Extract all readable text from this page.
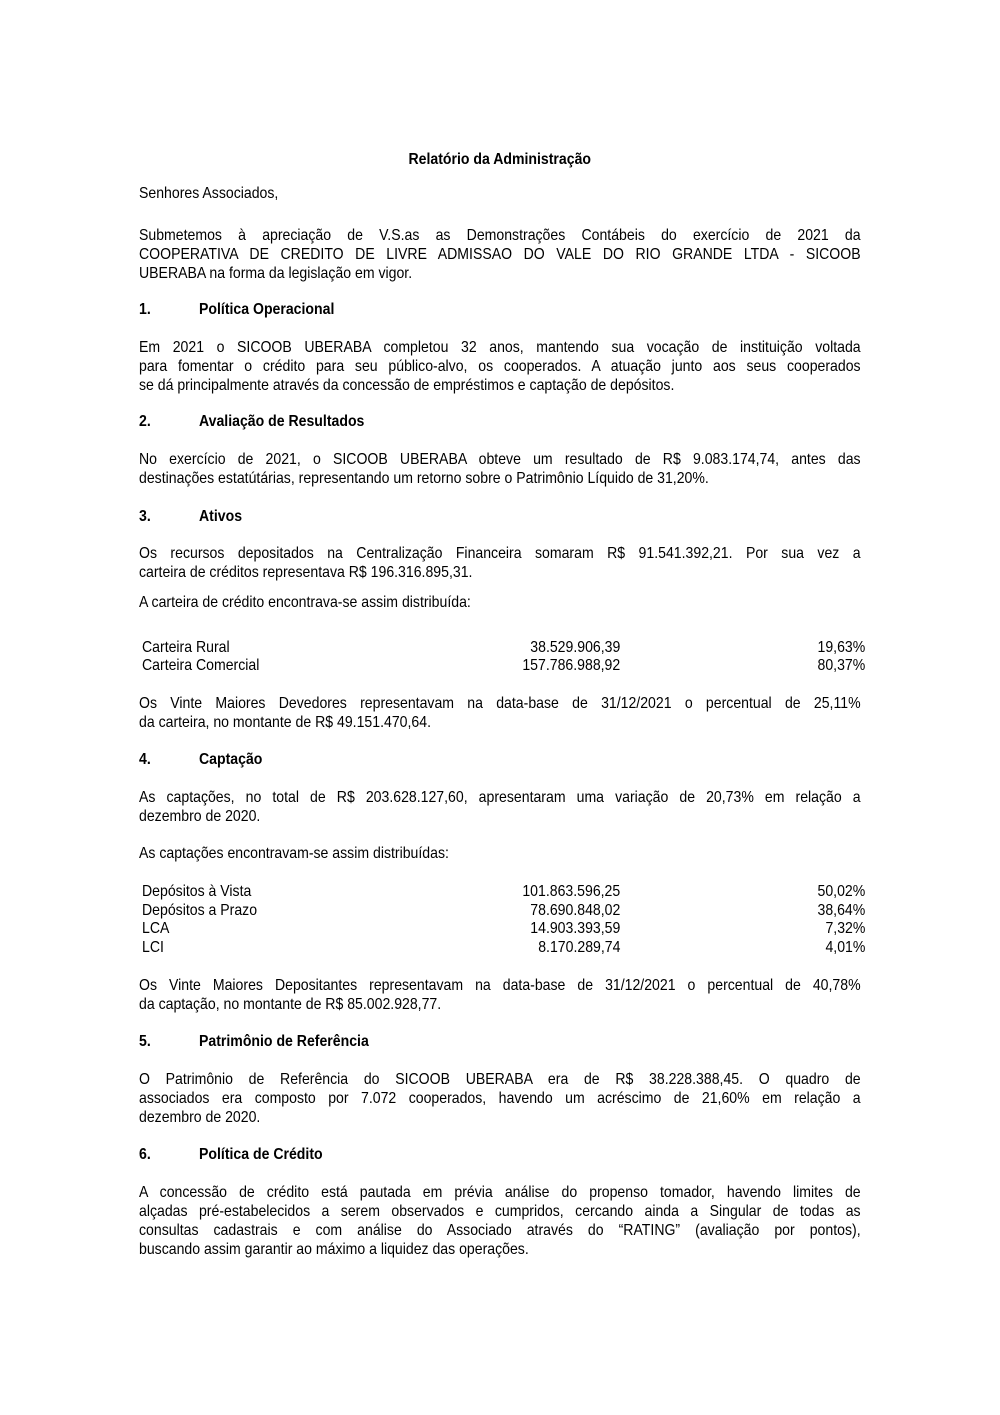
Relatório da Administração
Senhores Associados,
Submetemos à apreciação de V.S.as as Demonstrações Contábeis do exercício de 2021 da
COOPERATIVA DE CREDITO DE LIVRE ADMISSAO DO VALE DO RIO GRANDE LTDA - SICOOB
UBERABA na forma da legislação em vigor.
1.	Política Operacional
Em 2021 o SICOOB UBERABA completou 32 anos, mantendo sua vocação de instituição voltada
para fomentar o crédito para seu público-alvo, os cooperados. A atuação junto aos seus cooperados
se dá principalmente através da concessão de empréstimos e captação de depósitos.
2.	Avaliação de Resultados
No exercício de 2021, o SICOOB UBERABA obteve um resultado de R$ 9.083.174,74, antes das
destinações estatútárias, representando um retorno sobre o Patrimônio Líquido de 31,20%.
3.	Ativos
Os recursos depositados na Centralização Financeira somaram R$ 91.541.392,21. Por sua vez a
carteira de créditos representava R$ 196.316.895,31.
A carteira de crédito encontrava-se assim distribuída:
Carteira Rural	38.529.906,39	19,63%
Carteira Comercial	157.786.988,92	80,37%
Os Vinte Maiores Devedores representavam na data-base de 31/12/2021 o percentual de 25,11%
da carteira, no montante de R$ 49.151.470,64.
4.	Captação
As captações, no total de R$ 203.628.127,60, apresentaram uma variação de 20,73% em relação a
dezembro de 2020.
As captações encontravam-se assim distribuídas:
Depósitos à Vista	101.863.596,25	50,02%
Depósitos a Prazo	78.690.848,02	38,64%
LCA	14.903.393,59	7,32%
LCI	8.170.289,74	4,01%
Os Vinte Maiores Depositantes representavam na data-base de 31/12/2021 o percentual de 40,78%
da captação, no montante de R$ 85.002.928,77.
5.	Patrimônio de Referência
O Patrimônio de Referência do SICOOB UBERABA era de R$ 38.228.388,45. O quadro de
associados era composto por 7.072 cooperados, havendo um acréscimo de 21,60% em relação a
dezembro de 2020.
6.	Política de Crédito
A concessão de crédito está pautada em prévia análise do propenso tomador, havendo limites de
alçadas pré-estabelecidos a serem observados e cumpridos, cercando ainda a Singular de todas as
consultas cadastrais e com análise do Associado através do “RATING” (avaliação por pontos),
buscando assim garantir ao máximo a liquidez das operações.
